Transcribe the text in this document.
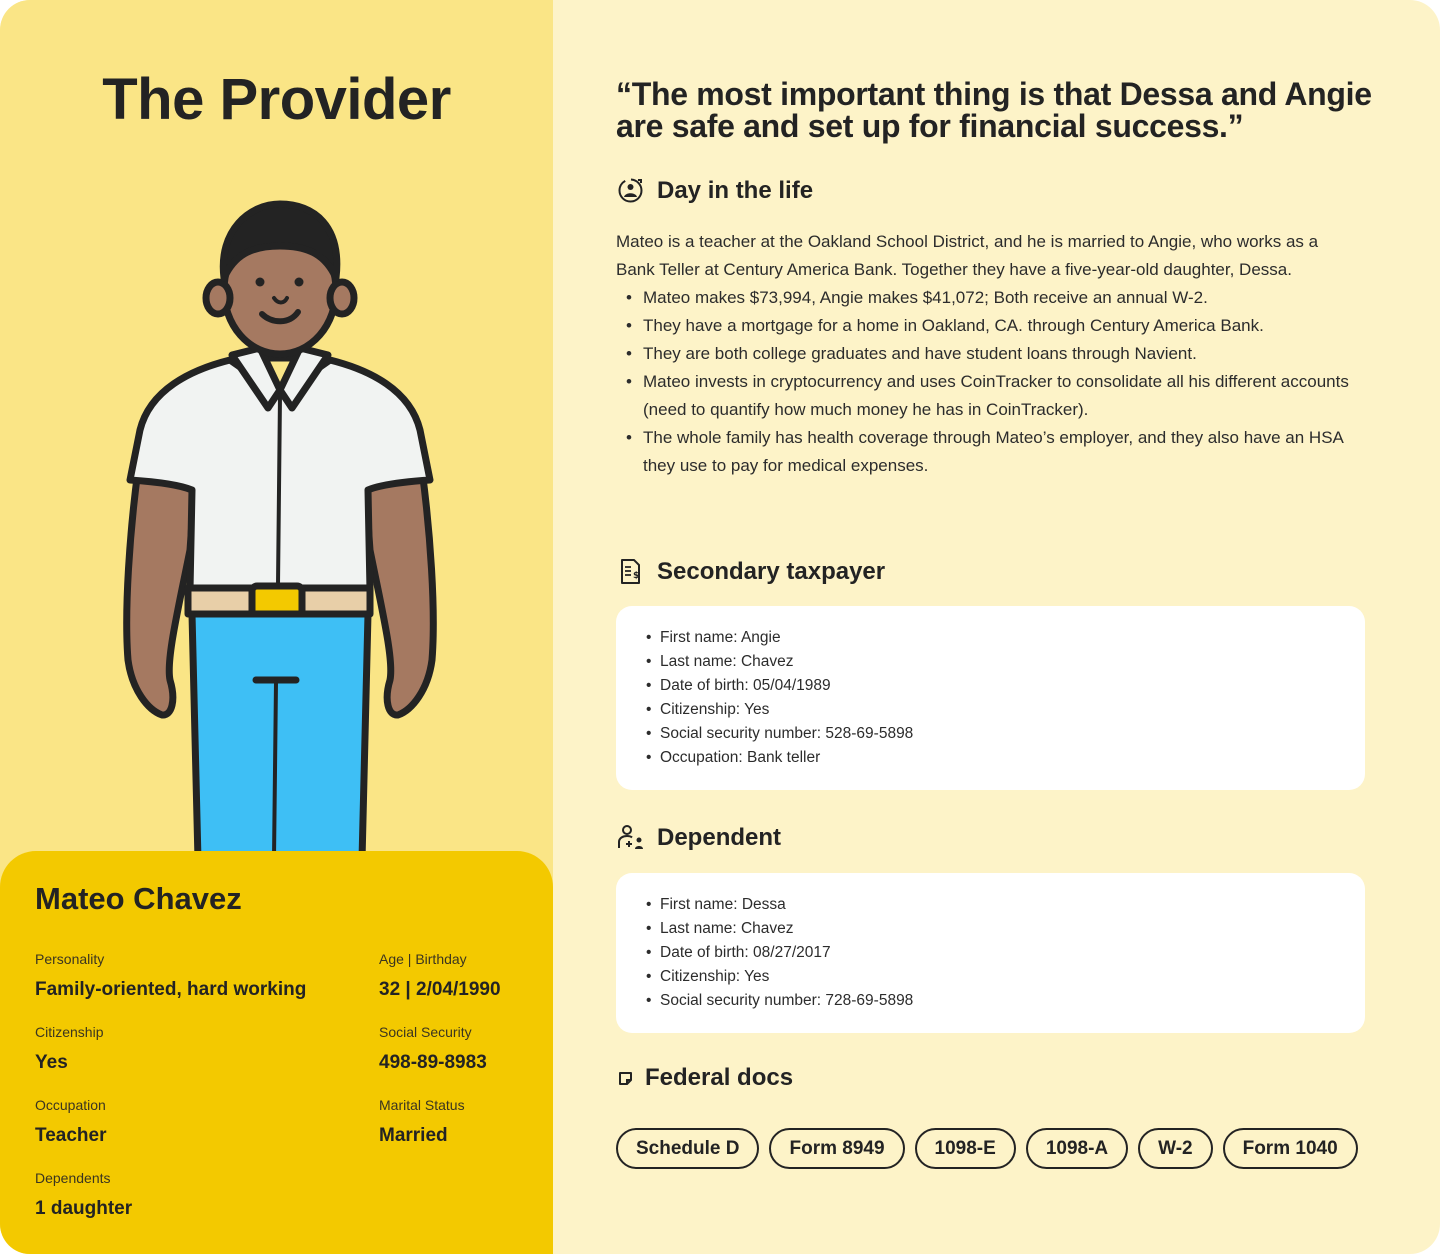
The Provider
Mateo Chavez
Personality
Family-oriented, hard working
Age | Birthday
32 | 2/04/1990
Citizenship
Yes
Social Security
498-89-8983
Occupation
Teacher
Marital Status
Married
Dependents
1 daughter
“The most important thing is that Dessa and Angie are safe and set up for financial success.”
Day in the life

Mateo is a teacher at the Oakland School District, and he is married to Angie, who works as a Bank Teller at Century America Bank. Together they have a five-year-old daughter, Dessa.

• Mateo makes $73,994, Angie makes $41,072; Both receive an annual W-2.
• They have a mortgage for a home in Oakland, CA. through Century America Bank.
• They are both college graduates and have student loans through Navient.
• Mateo invests in cryptocurrency and uses CoinTracker to consolidate all his different accounts (need to quantify how much money he has in CoinTracker).
• The whole family has health coverage through Mateo’s employer, and they also have an HSA they use to pay for medical expenses.
$ Secondary taxpayer
• First name: Angie
• Last name: Chavez
• Date of birth: 05/04/1989
• Citizenship: Yes
• Social security number: 528-69-5898
• Occupation: Bank teller
Dependent
• First name: Dessa
• Last name: Chavez
• Date of birth: 08/27/2017
• Citizenship: Yes
• Social security number: 728-69-5898
Federal docs
Schedule D	Form 8949	1098-E	1098-A	W-2	Form 1040
